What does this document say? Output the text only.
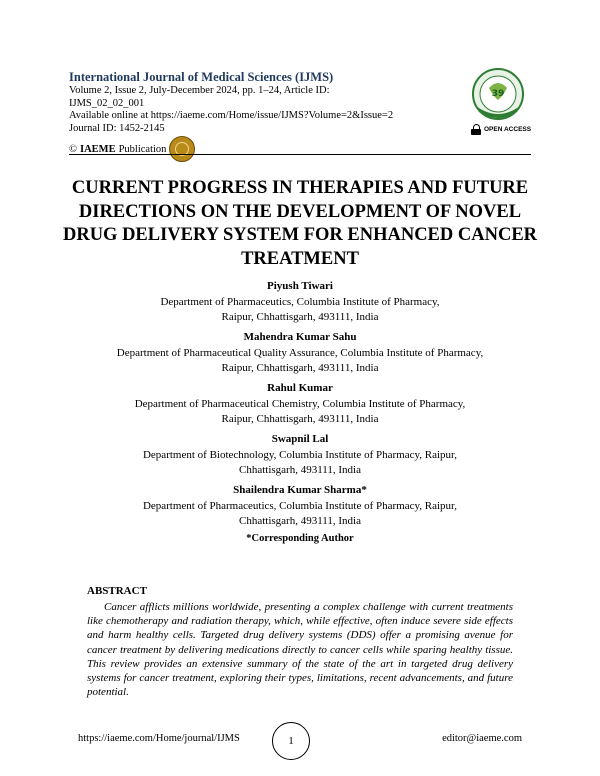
International Journal of Medical Sciences (IJMS)
Volume 2, Issue 2, July-December 2024, pp. 1–24, Article ID: IJMS_02_02_001
Available online at https://iaeme.com/Home/issue/IJMS?Volume=2&Issue=2
Journal ID: 1452-2145
© IAEME Publication
39
OPEN ACCESS
CURRENT PROGRESS IN THERAPIES AND FUTURE DIRECTIONS ON THE DEVELOPMENT OF NOVEL DRUG DELIVERY SYSTEM FOR ENHANCED CANCER TREATMENT
Piyush Tiwari
Department of Pharmaceutics, Columbia Institute of Pharmacy,
Raipur, Chhattisgarh, 493111, India
Mahendra Kumar Sahu
Department of Pharmaceutical Quality Assurance, Columbia Institute of Pharmacy,
Raipur, Chhattisgarh, 493111, India
Rahul Kumar
Department of Pharmaceutical Chemistry, Columbia Institute of Pharmacy,
Raipur, Chhattisgarh, 493111, India
Swapnil Lal
Department of Biotechnology, Columbia Institute of Pharmacy, Raipur,
Chhattisgarh, 493111, India
Shailendra Kumar Sharma*
Department of Pharmaceutics, Columbia Institute of Pharmacy, Raipur,
Chhattisgarh, 493111, India
*Corresponding Author
ABSTRACT
Cancer afflicts millions worldwide, presenting a complex challenge with current treatments like chemotherapy and radiation therapy, which, while effective, often induce severe side effects and harm healthy cells. Targeted drug delivery systems (DDS) offer a promising avenue for cancer treatment by delivering medications directly to cancer cells while sparing healthy tissue. This review provides an extensive summary of the state of the art in targeted drug delivery systems for cancer treatment, exploring their types, limitations, recent advancements, and future potential.
https://iaeme.com/Home/journal/IJMS	1	editor@iaeme.com
